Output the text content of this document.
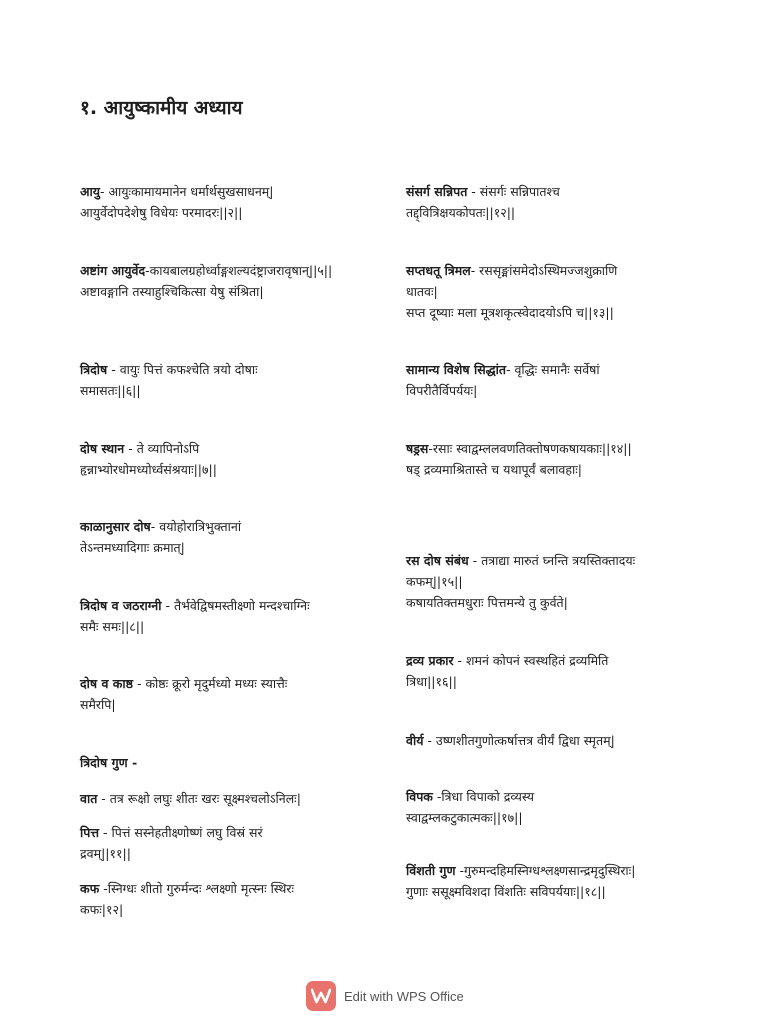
१. आयुष्कामीय अध्याय
आयु- आयुःकामायमानेन धर्मार्थसुखसाधनम्|
आयुर्वेदोपदेशेषु विधेयः परमादरः||२||
अष्टांग आयुर्वेद-कायबालग्रहोर्ध्वाङ्गशल्यदंष्ट्राजरावृषान्||५||
अष्टावङ्गानि तस्याहुश्चिकित्सा येषु संश्रिता|
त्रिदोष - वायुः पित्तं कफश्चेति त्रयो दोषाः
समासतः||६||
दोष स्थान - ते व्यापिनोऽपि
हृन्नाभ्योरधोमध्योर्ध्वसंश्रयाः||७||
काळानुसार दोष- वयोहोरात्रिभुक्तानां
तेऽन्तमध्यादिगाः क्रमात्|
त्रिदोष व जठराग्नी - तैर्भवेद्विषमस्तीक्ष्णो मन्दश्चाग्निः
समैः समः||८||
दोष व काष्ठ - कोष्ठः क्रूरो मृदुर्मध्यो मध्यः स्यात्तैः
समैरपि|
त्रिदोष गुण -
वात - तत्र रूक्षो लघुः शीतः खरः सूक्ष्मश्चलोऽनिलः|
पित्त - पित्तं सस्नेहतीक्ष्णोष्णं लघु विस्रं सरं
द्रवम्||११||
कफ -स्निग्धः शीतो गुरुर्मन्दः श्लक्ष्णो मृत्स्नः स्थिरः
कफः|१२|
संसर्ग सन्निपत - संसर्गः सन्निपातश्च
तद्द्वित्रिक्षयकोपतः||१२||
सप्तधतू त्रिमल- रससृङ्मांसमेदोऽस्थिमज्जशुक्राणि
धातवः|
सप्त दूष्याः मला मूत्रशकृत्स्वेदादयोऽपि च||१३||
सामान्य विशेष सिद्धांत- वृद्धिः समानैः सर्वेषां
विपरीतैर्विपर्ययः|
षड्रस-रसाः स्वाद्वम्ललवणतिक्तोषणकषायकाः||१४||
षड् द्रव्यमाश्रितास्ते च यथापूर्वं बलावहाः|
रस दोष संबंध - तत्राद्या मारुतं घ्नन्ति त्रयस्तिक्तादयः
कफम्||१५||
कषायतिक्तमधुराः पित्तमन्ये तु कुर्वते|
द्रव्य प्रकार - शमनं कोपनं स्वस्थहितं द्रव्यमिति
त्रिधा||१६||
वीर्य - उष्णशीतगुणोत्कर्षात्तत्र वीर्यं द्विधा स्मृतम्|
विपक -त्रिधा विपाको द्रव्यस्य
स्वाद्वम्लकटुकात्मकः||१७||
विंशती गुण -गुरुमन्दहिमस्निग्धश्लक्ष्णसान्द्रमृदुस्थिराः|
गुणाः ससूक्ष्मविशदा विंशतिः सविपर्ययाः||१८||
Edit with WPS Office
